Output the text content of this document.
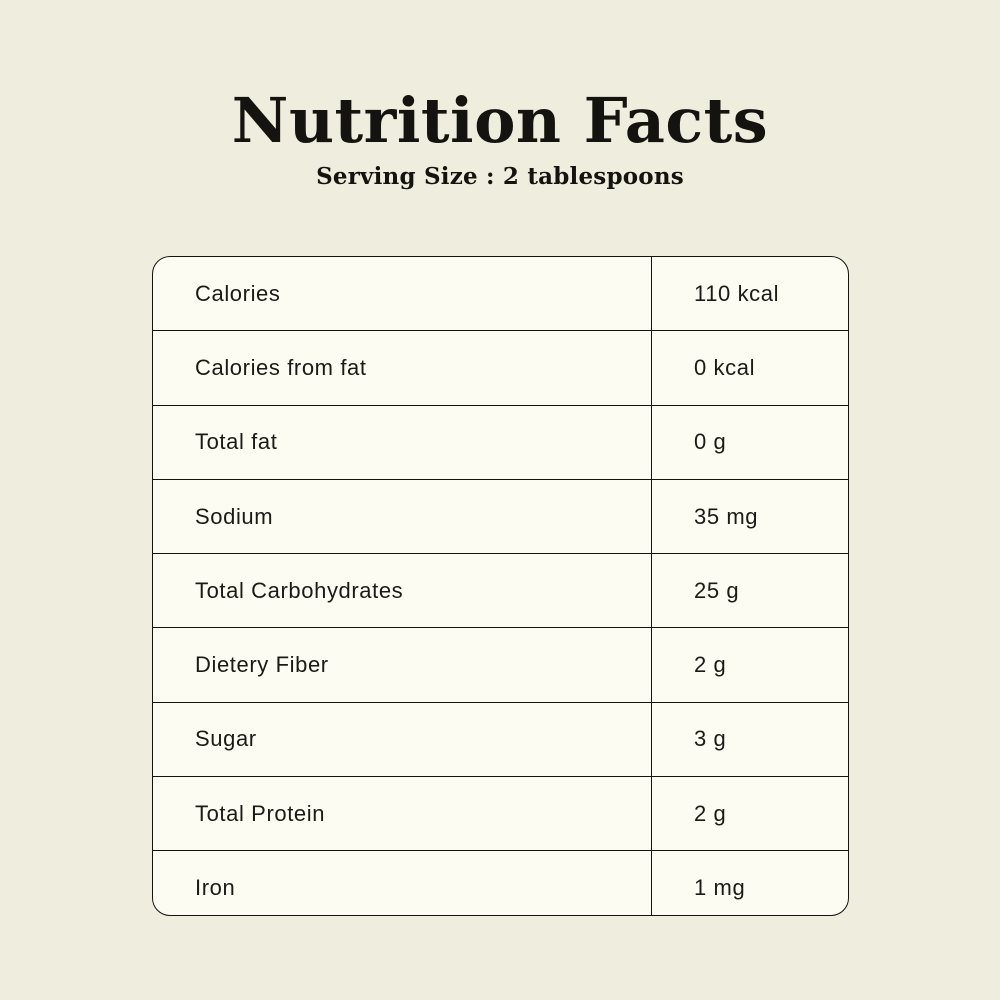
Nutrition Facts
Serving Size : 2 tablespoons
Calories	110 kcal
Calories from fat	0 kcal
Total fat	0 g
Sodium	35 mg
Total Carbohydrates	25 g
Dietery Fiber	2 g
Sugar	3 g
Total Protein	2 g
Iron	1 mg
